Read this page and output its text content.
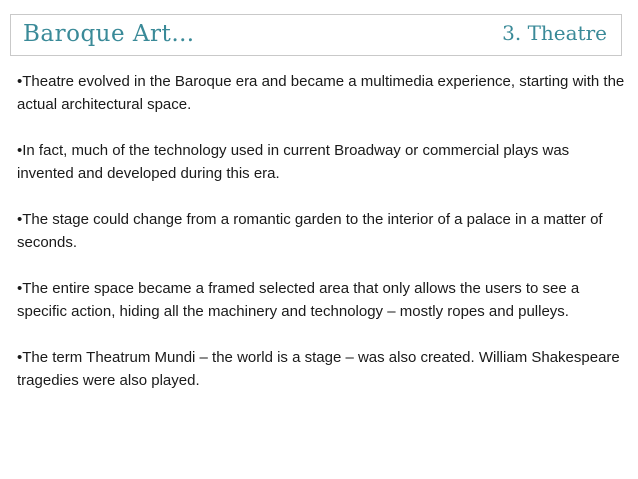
Baroque Art…	3. Theatre

•Theatre evolved in the Baroque era and became a multimedia experience, starting with the actual architectural space.

•In fact, much of the technology used in current Broadway or commercial plays was invented and developed during this era.

•The stage could change from a romantic garden to the interior of a palace in a matter of seconds.

•The entire space became a framed selected area that only allows the users to see a specific action, hiding all the machinery and technology – mostly ropes and pulleys.

•The term Theatrum Mundi – the world is a stage – was also created. William Shakespeare tragedies were also played.
